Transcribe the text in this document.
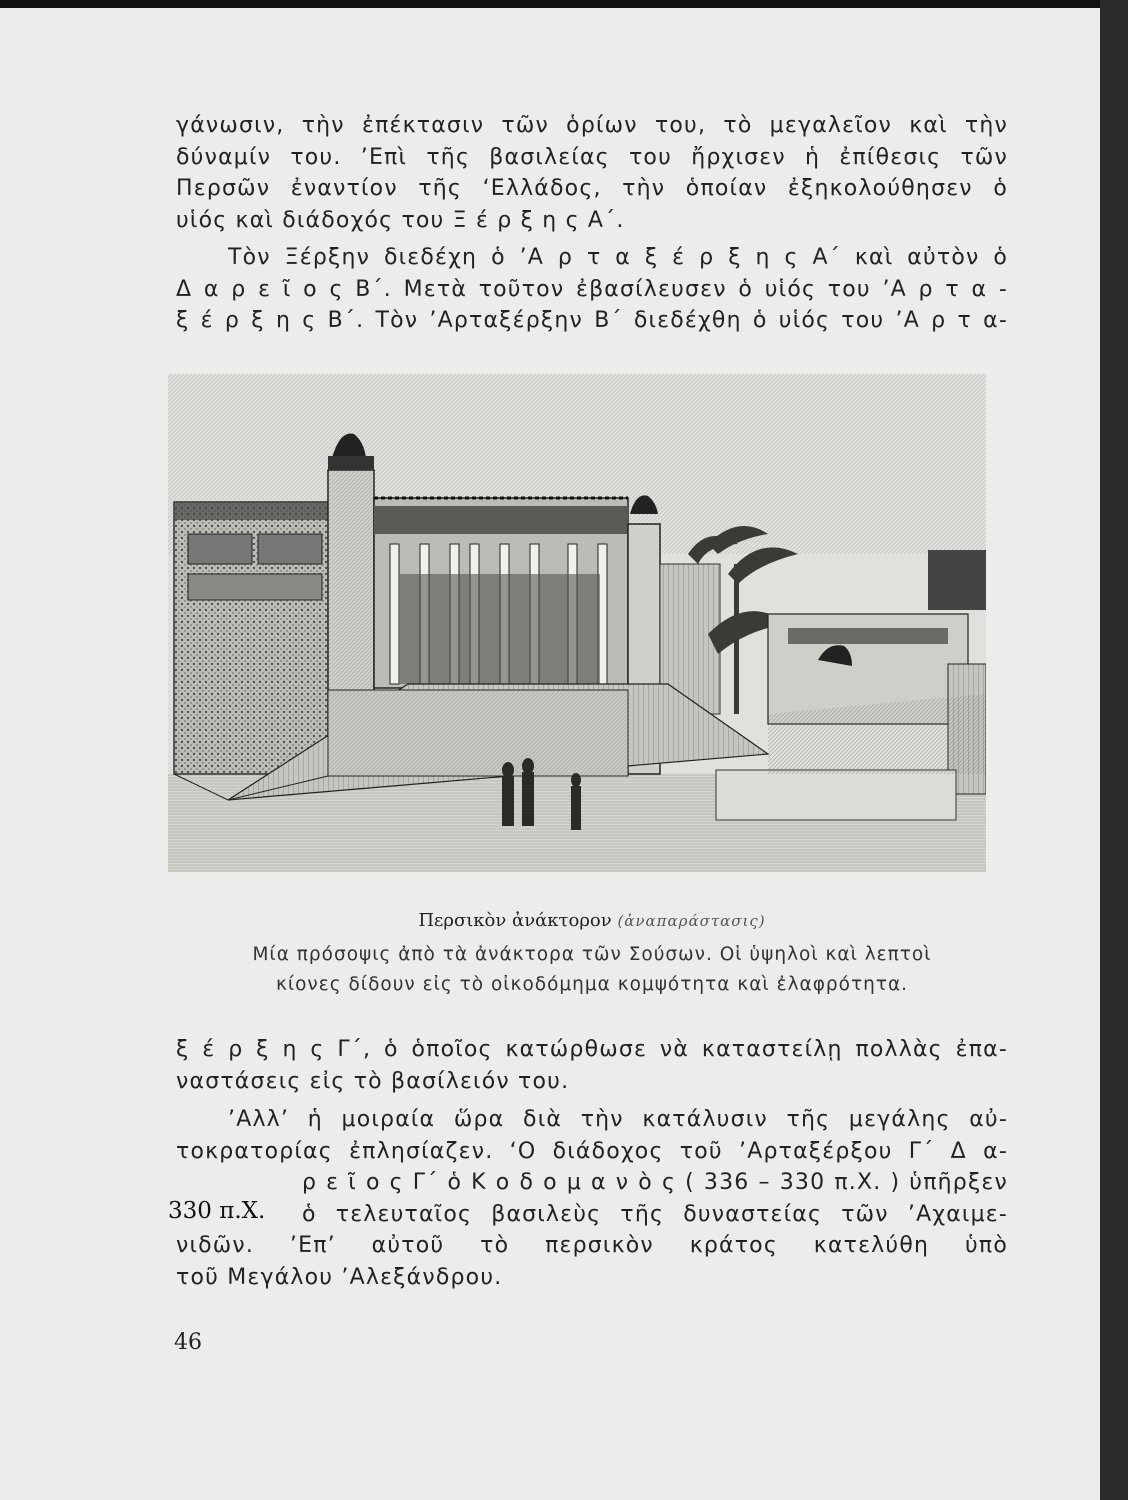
γάνωσιν, τὴν ἐπέκτασιν τῶν ὁρίων του, τὸ μεγαλεῖον καὶ τὴν
δύναμίν του. ’Επὶ τῆς βασιλείας του ἤρχισεν ἡ ἐπίθεσις τῶν
Περσῶν ἐναντίον τῆς ‘Ελλάδος, τὴν ὁποίαν ἐξηκολούθησεν ὁ
υἱός καὶ διάδοχός του Ξ έ ρ ξ η ς Α΄.
Τὸν Ξέρξην διεδέχη ὁ ’Α ρ τ α ξ έ ρ ξ η ς Α΄ καὶ αὐτὸν ὁ
Δ α ρ ε ῖ ο ς Β΄. Μετὰ τοῦτον ἐβασίλευσεν ὁ υἱός του ’Α ρ τ α -
ξ έ ρ ξ η ς Β΄. Τὸν ’Αρταξέρξην Β΄ διεδέχθη ὁ υἱός του ’Α ρ τ α-
Περσικὸν ἀνάκτορον (ἀναπαράστασις)
Μία πρόσοψις ἀπὸ τὰ ἀνάκτορα τῶν Σούσων. Οἱ ὑψηλοὶ καὶ λεπτοὶ
κίονες δίδουν εἰς τὸ οἰκοδόμημα κομψότητα καὶ ἐλαφρότητα.
ξ έ ρ ξ η ς Γ΄, ὁ ὁποῖος κατώρθωσε νὰ καταστείλῃ πολλὰς ἐπα-
ναστάσεις εἰς τὸ βασίλειόν του.
’Αλλ’ ἡ μοιραία ὥρα διὰ τὴν κατάλυσιν τῆς μεγάλης αὐ-
τοκρατορίας ἐπλησίαζεν. ‘Ο διάδοχος τοῦ ’Αρταξέρξου Γ΄ Δ α-
ρ ε ῖ ο ς Γ΄ ὁ Κ ο δ ο μ α ν ὸ ς ( 336 – 330 π.Χ. ) ὑπῆρξεν
ὁ τελευταῖος βασιλεὺς τῆς δυναστείας τῶν ’Αχαιμε-
νιδῶν. ’Επ’ αὐτοῦ τὸ περσικὸν κράτος κατελύθη ὑπὸ
τοῦ Μεγάλου ’Αλεξάνδρου.
330 π.Χ.
46
